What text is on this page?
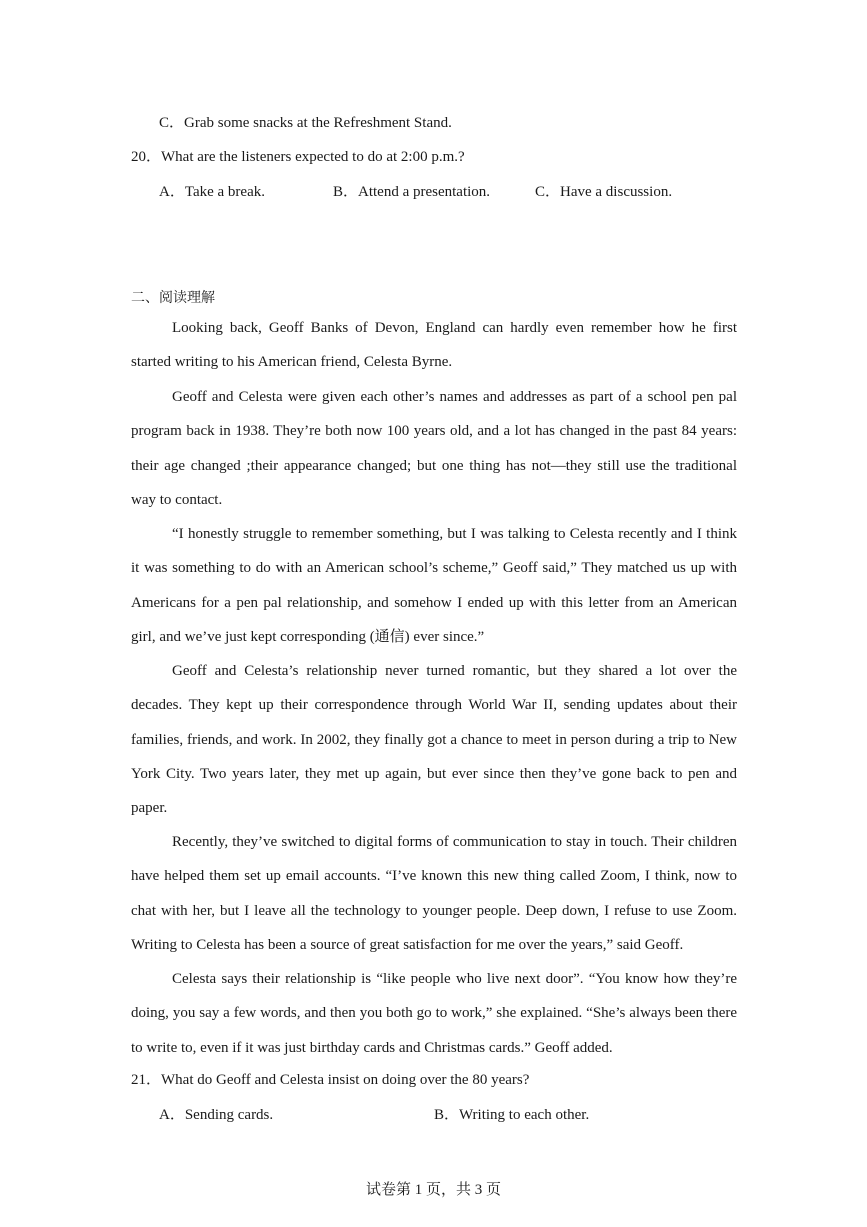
C．Grab some snacks at the Refreshment Stand.
20．What are the listeners expected to do at 2:00 p.m.?
A．Take a break.	B．Attend a presentation.	C．Have a discussion.
二、阅读理解

Looking back, Geoff Banks of Devon, England can hardly even remember how he first started writing to his American friend, Celesta Byrne.

Geoff and Celesta were given each other’s names and addresses as part of a school pen pal program back in 1938. They’re both now 100 years old, and a lot has changed in the past 84 years: their age changed ;their appearance changed; but one thing has not—they still use the traditional way to contact.

“I honestly struggle to remember something, but I was talking to Celesta recently and I think it was something to do with an American school’s scheme,” Geoff said,” They matched us up with Americans for a pen pal relationship, and somehow I ended up with this letter from an American girl, and we’ve just kept corresponding (通信) ever since.”

Geoff and Celesta’s relationship never turned romantic, but they shared a lot over the decades. They kept up their correspondence through World War II, sending updates about their families, friends, and work. In 2002, they finally got a chance to meet in person during a trip to New York City. Two years later, they met up again, but ever since then they’ve gone back to pen and paper.

Recently, they’ve switched to digital forms of communication to stay in touch. Their children have helped them set up email accounts. “I’ve known this new thing called Zoom, I think, now to chat with her, but I leave all the technology to younger people. Deep down, I refuse to use Zoom. Writing to Celesta has been a source of great satisfaction for me over the years,” said Geoff.

Celesta says their relationship is “like people who live next door”. “You know how they’re doing, you say a few words, and then you both go to work,” she explained. “She’s always been there to write to, even if it was just birthday cards and Christmas cards.” Geoff added.

21．What do Geoff and Celesta insist on doing over the 80 years?
A．Sending cards.	B．Writing to each other.
试卷第 1 页，共 3 页
